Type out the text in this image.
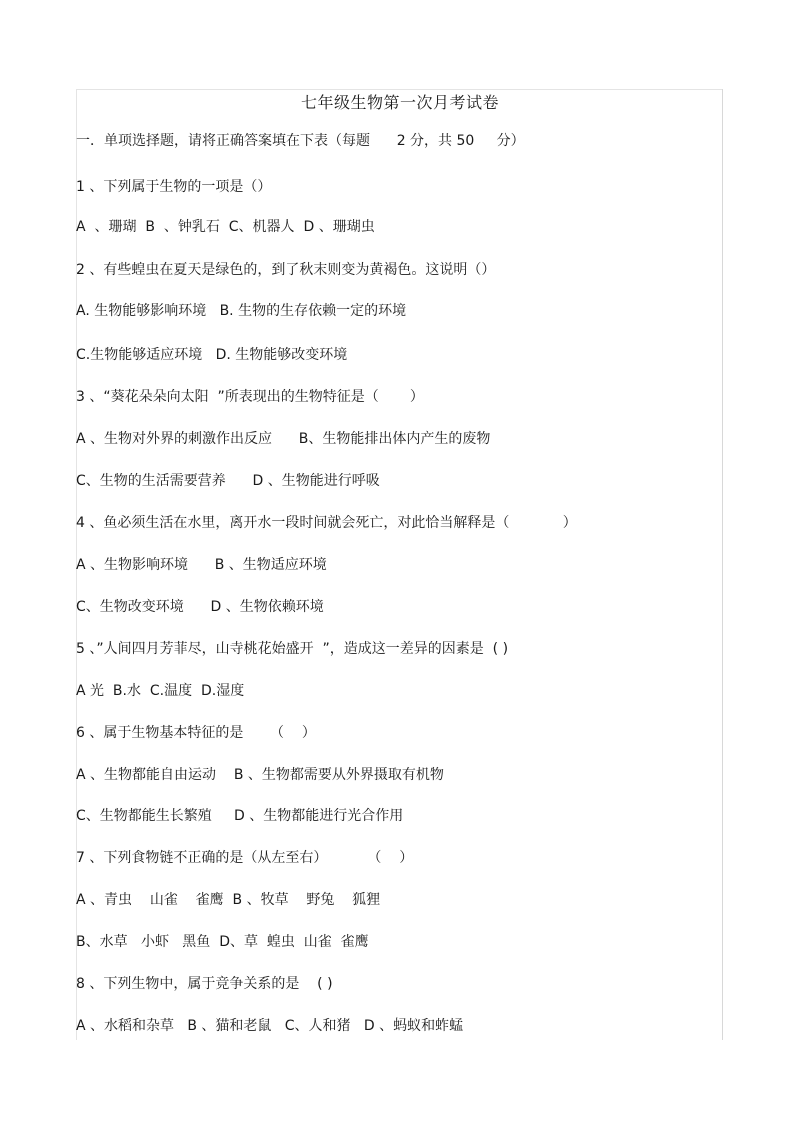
七年级生物第一次月考试卷
一．单项选择题，请将正确答案填在下表（每题      2 分，共 50     分）
1 、下列属于生物的一项是（）
A  、珊瑚  B  、钟乳石  C、机器人  D 、珊瑚虫
2 、有些蝗虫在夏天是绿色的，到了秋末则变为黄褐色。这说明（）
A. 生物能够影响环境   B. 生物的生存依赖一定的环境
C.生物能够适应环境   D. 生物能够改变环境
3 、“葵花朵朵向太阳  ”所表现出的生物特征是（       ）
A 、生物对外界的刺激作出反应      B、生物能排出体内产生的废物
C、生物的生活需要营养      D 、生物能进行呼吸
4 、鱼必须生活在水里，离开水一段时间就会死亡，对此恰当解释是（            ）
A 、生物影响环境      B 、生物适应环境
C、生物改变环境      D 、生物依赖环境
5 、”人间四月芳菲尽，山寺桃花始盛开  ”，造成这一差异的因素是  ( )
A 光  B.水  C.温度  D.湿度
6 、属于生物基本特征的是      （    ）
A 、生物都能自由运动    B 、生物都需要从外界摄取有机物
C、生物都能生长繁殖     D 、生物都能进行光合作用
7 、下列食物链不正确的是（从左至右）         （    ）
A 、青虫    山雀    雀鹰  B 、牧草    野兔    狐狸
B、水草   小虾   黑鱼  D、草  蝗虫  山雀  雀鹰
8 、下列生物中，属于竞争关系的是    ( )
A 、水稻和杂草   B 、猫和老鼠   C、人和猪   D 、蚂蚁和蚱蜢
